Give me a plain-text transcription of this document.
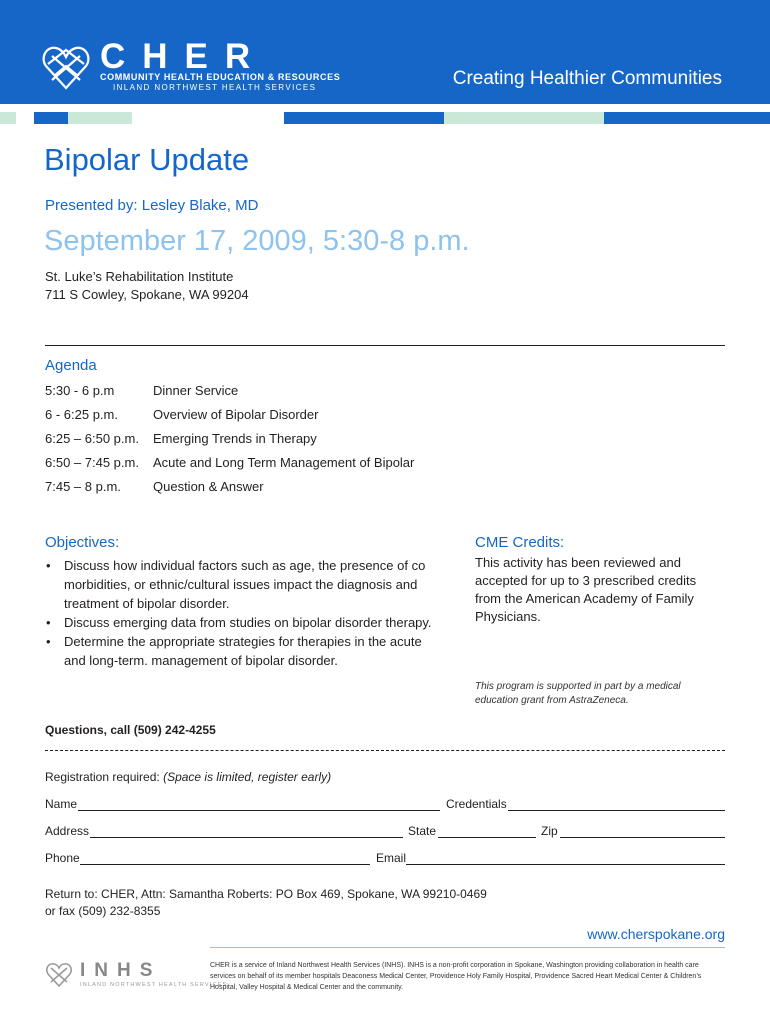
CHER
COMMUNITY HEALTH EDUCATION & RESOURCES
INLAND NORTHWEST HEALTH SERVICES	Creating Healthier Communities
Bipolar Update
Presented by: Lesley Blake, MD
September 17, 2009, 5:30-8 p.m.
St. Luke’s Rehabilitation Institute
711 S Cowley, Spokane, WA 99204
Agenda
5:30 - 6 p.m	Dinner Service
6 - 6:25 p.m.	Overview of Bipolar Disorder
6:25 – 6:50 p.m. Emerging Trends in Therapy
6:50 – 7:45 p.m. Acute and Long Term Management of Bipolar
7:45 – 8 p.m. Question & Answer
Objectives:
• Discuss how individual factors such as age, the presence of co morbidities, or ethnic/cultural issues impact the diagnosis and treatment of bipolar disorder.
• Discuss emerging data from studies on bipolar disorder therapy.
• Determine the appropriate strategies for therapies in the acute and long-term. management of bipolar disorder.
CME Credits:
This activity has been reviewed and accepted for up to 3 prescribed credits from the American Academy of Family Physicians.
This program is supported in part by a medical education grant from AstraZeneca.
Questions, call (509) 242-4255
Registration required: (Space is limited, register early)
Name	Credentials
Address	State	Zip
Phone	Email
Return to: CHER, Attn: Samantha Roberts: PO Box 469, Spokane, WA 99210-0469
or fax (509) 232-8355
www.cherspokane.org
INHS
INLAND NORTHWEST HEALTH SERVICES
CHER is a service of Inland Northwest Health Services (INHS). INHS is a non-profit corporation in Spokane, Washington providing collaboration in health care services on behalf of its member hospitals Deaconess Medical Center, Providence Holy Family Hospital, Providence Sacred Heart Medical Center & Children’s Hospital, Valley Hospital & Medical Center and the community.
